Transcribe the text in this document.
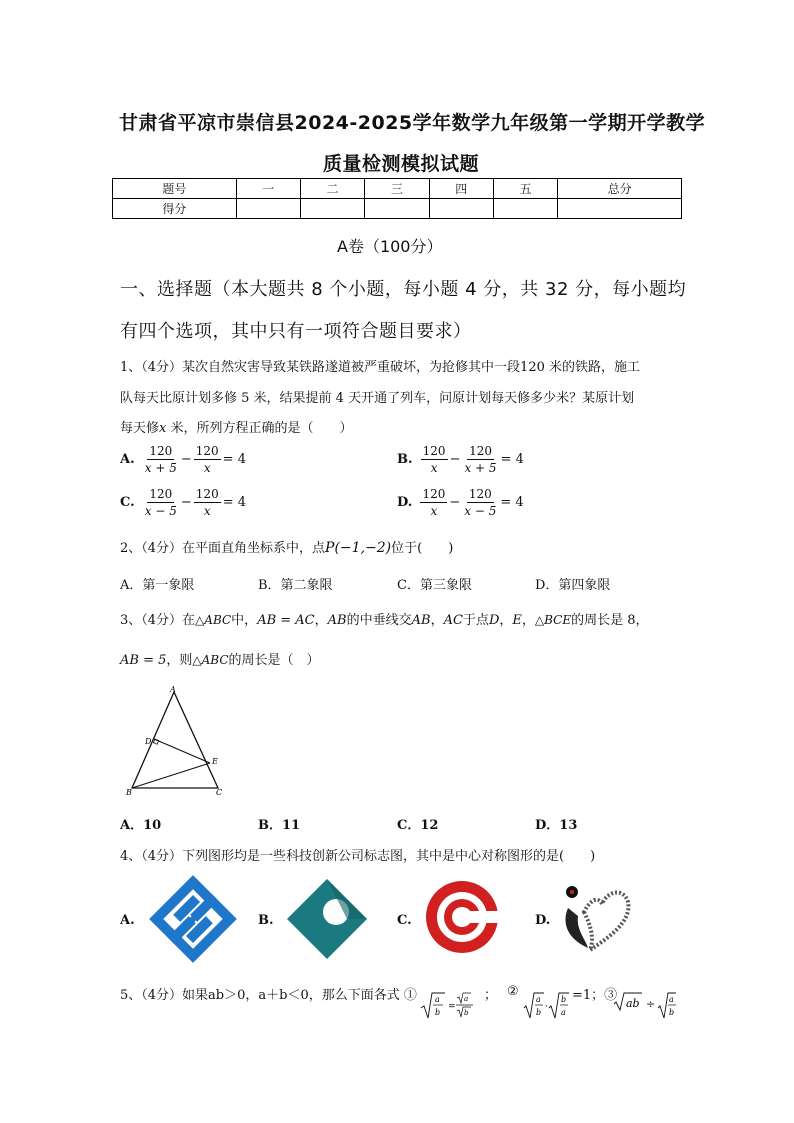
甘肃省平凉市崇信县2024-2025学年数学九年级第一学期开学教学
质量检测模拟试题
题号	一	二	三	四	五	总分
得分						
A卷（100分）
一、选择题（本大题共 8 个小题，每小题 4 分，共 32 分，每小题均
有四个选项，其中只有一项符合题目要求）
1、（4分）某次自然灾害导致某铁路遂道被严重破坏，为抢修其中一段120 米的铁路，施工
队每天比原计划多修 5 米，结果提前 4 天开通了列车，问原计划每天修多少米？某原计划
每天修x 米，所列方程正确的是（　　）
A.
$\frac{120}{x + 5} - \frac{120}{x} = 4$	B.
$\frac{120}{x} - \frac{120}{x + 5} = 4$
C.
$\frac{120}{x - 5} - \frac{120}{x} = 4$	D.
$\frac{120}{x} - \frac{120}{x - 5} = 4$
2、（4分）在平面直角坐标系中，点P(−1,−2)位于(　　)
A．第一象限	B．第二象限	C．第三象限	D．第四象限
3、（4分）在△ABC中，AB = AC，AB的中垂线交AB，AC于点D，E，△BCE的周长是 8，
AB = 5，则△ABC的周长是（　）
A
D
E
B	C
A．10	B．11	C．12	D．13
4、（4分）下列图形均是一些科技创新公司标志图，其中是中心对称图形的是(　　)
A.	B.	C.	D.
5、（4分）如果ab＞0，a＋b＜0，那么下面各式 ① a
b
=
a
b
； ②
a
b
·
b
a
=1；③
ab ÷ a
b
